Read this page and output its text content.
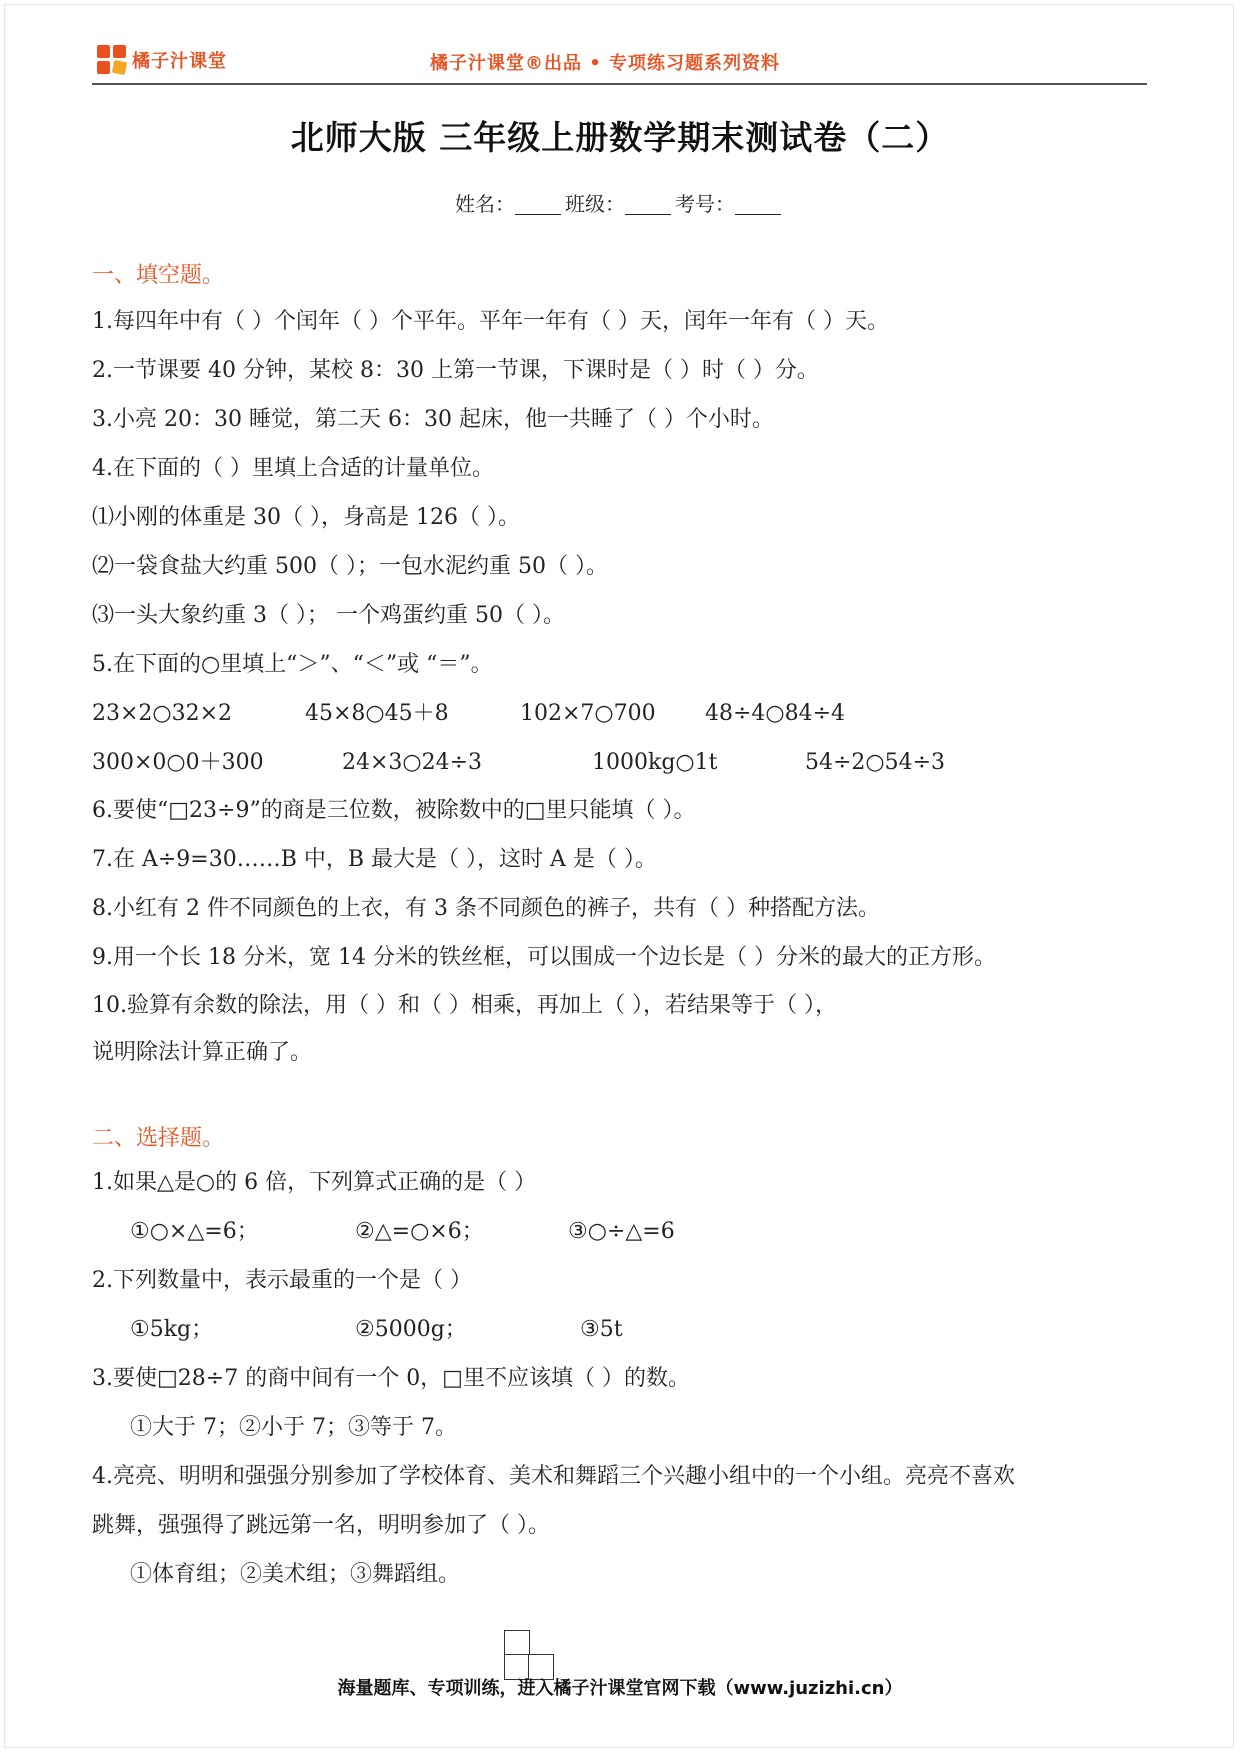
橘子汁课堂	橘子汁课堂®出品 • 专项练习题系列资料
北师大版 三年级上册数学期末测试卷（二）
姓名：	班级：	考号：
一、填空题。
1.每四年中有（ ）个闰年（ ）个平年。平年一年有（ ）天，闰年一年有（ ）天。
2.一节课要 40 分钟，某校 8：30 上第一节课，下课时是（ ）时（ ）分。
3.小亮 20：30 睡觉，第二天 6：30 起床，他一共睡了（ ）个小时。
4.在下面的（ ）里填上合适的计量单位。
⑴小刚的体重是 30（ ），身高是 126（ ）。
⑵一袋食盐大约重 500（ ）；一包水泥约重 50（ ）。
⑶一头大象约重 3（ ）； 一个鸡蛋约重 50（ ）。
5.在下面的○里填上“＞”、“＜”或 “＝”。
23×2○32×2	45×8○45＋8	102×7○700 48÷4○84÷4
300×0○0＋300	24×3○24÷3	1000kg○1t	54÷2○54÷3
6.要使“□23÷9”的商是三位数，被除数中的□里只能填（ ）。
7.在 A÷9=30……B 中，B 最大是（ ），这时 A 是（ ）。
8.小红有 2 件不同颜色的上衣，有 3 条不同颜色的裤子，共有（ ）种搭配方法。
9.用一个长 18 分米，宽 14 分米的铁丝框，可以围成一个边长是（ ）分米的最大的正方形。
10.验算有余数的除法，用（ ）和（ ）相乘，再加上（ ），若结果等于（ ），
说明除法计算正确了。
二、选择题。
1.如果△是○的 6 倍，下列算式正确的是（ ）
①○×△=6；	②△=○×6；	③○÷△=6
2.下列数量中，表示最重的一个是（ ）
①5kg；	②5000g；	③5t
3.要使□28÷7 的商中间有一个 0，□里不应该填（ ）的数。
①大于 7；②小于 7；③等于 7。
4.亮亮、明明和强强分别参加了学校体育、美术和舞蹈三个兴趣小组中的一个小组。亮亮不喜欢
跳舞，强强得了跳远第一名，明明参加了（ ）。
①体育组；②美术组；③舞蹈组。
海量题库、专项训练，进入橘子汁课堂官网下载（www.juzizhi.cn）
